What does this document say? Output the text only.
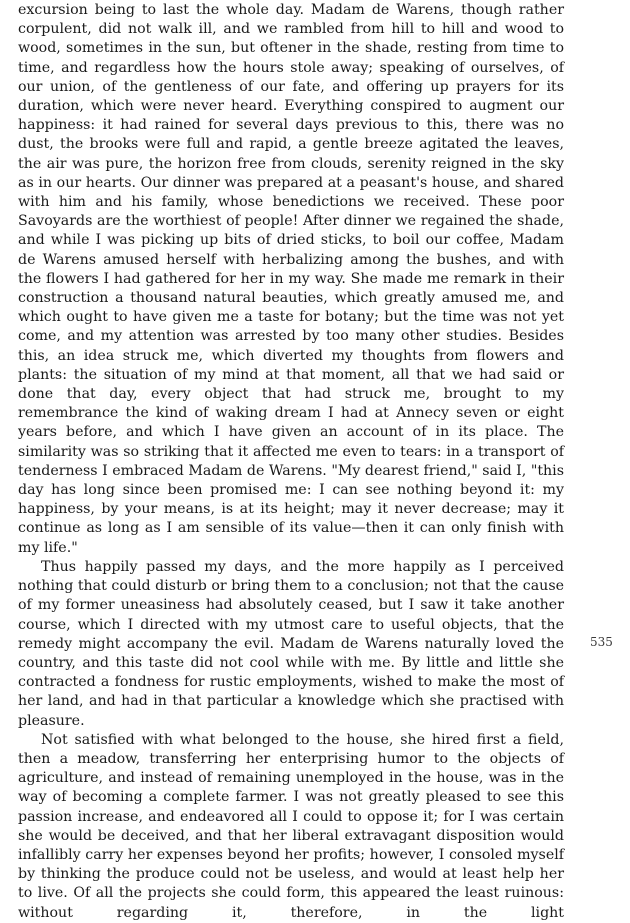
excursion being to last the whole day. Madam de Warens, though rather corpulent, did not walk ill, and we rambled from hill to hill and wood to wood, sometimes in the sun, but oftener in the shade, resting from time to time, and regardless how the hours stole away; speaking of ourselves, of our union, of the gentleness of our fate, and offering up prayers for its duration, which were never heard. Everything conspired to augment our happiness: it had rained for several days previous to this, there was no dust, the brooks were full and rapid, a gentle breeze agitated the leaves, the air was pure, the horizon free from clouds, serenity reigned in the sky as in our hearts. Our dinner was prepared at a peasant's house, and shared with him and his family, whose benedictions we received. These poor Savoyards are the worthiest of people! After dinner we regained the shade, and while I was picking up bits of dried sticks, to boil our coffee, Madam de Warens amused herself with herbalizing among the bushes, and with the flowers I had gathered for her in my way. She made me remark in their construction a thousand natural beauties, which greatly amused me, and which ought to have given me a taste for botany; but the time was not yet come, and my attention was arrested by too many other studies. Besides this, an idea struck me, which diverted my thoughts from flowers and plants: the situation of my mind at that moment, all that we had said or done that day, every object that had struck me, brought to my remembrance the kind of waking dream I had at Annecy seven or eight years before, and which I have given an account of in its place. The similarity was so striking that it affected me even to tears: in a transport of tenderness I embraced Madam de Warens. "My dearest friend," said I, "this day has long since been promised me: I can see nothing beyond it: my happiness, by your means, is at its height; may it never decrease; may it continue as long as I am sensible of its value—then it can only finish with my life."

Thus happily passed my days, and the more happily as I perceived nothing that could disturb or bring them to a conclusion; not that the cause of my former uneasiness had absolutely ceased, but I saw it take another course, which I directed with my utmost care to useful objects, that the remedy might accompany the evil. Madam de Warens naturally loved the country, and this taste did not cool while with me. By little and little she contracted a fondness for rustic employments, wished to make the most of her land, and had in that particular a knowledge which she practised with pleasure.

Not satisfied with what belonged to the house, she hired first a field, then a meadow, transferring her enterprising humor to the objects of agriculture, and instead of remaining unemployed in the house, was in the way of becoming a complete farmer. I was not greatly pleased to see this passion increase, and endeavored all I could to oppose it; for I was certain she would be deceived, and that her liberal extravagant disposition would infallibly carry her expenses beyond her profits; however, I consoled myself by thinking the produce could not be useless, and would at least help her to live. Of all the projects she could form, this appeared the least ruinous: without regarding it, therefore, in the light

535
